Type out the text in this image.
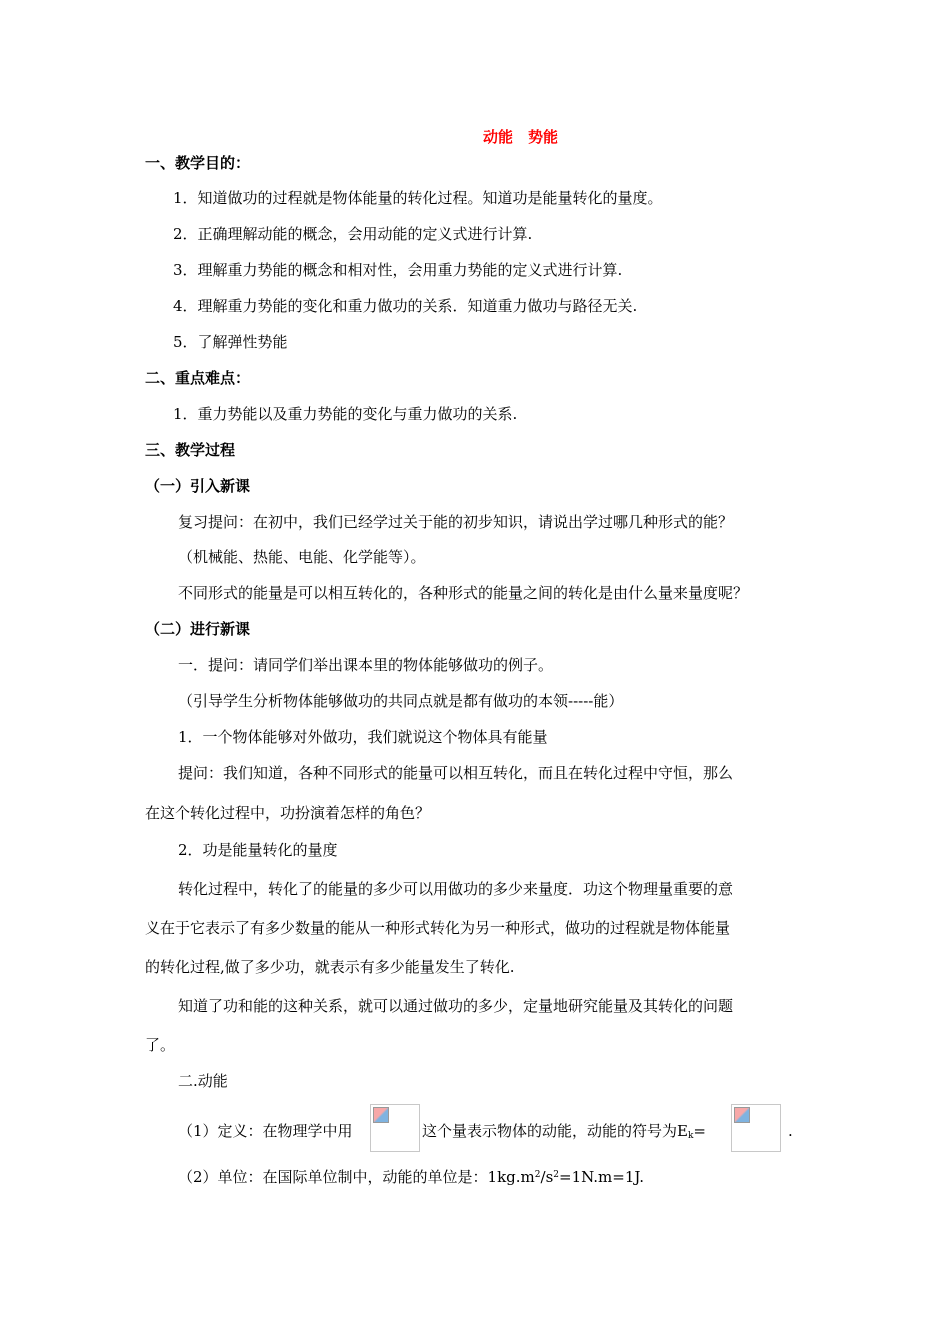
动能　势能
一、教学目的：
1．知道做功的过程就是物体能量的转化过程。知道功是能量转化的量度。
2．正确理解动能的概念，会用动能的定义式进行计算.
3．理解重力势能的概念和相对性，会用重力势能的定义式进行计算.
4．理解重力势能的变化和重力做功的关系．知道重力做功与路径无关.
5．了解弹性势能
二、重点难点：
1．重力势能以及重力势能的变化与重力做功的关系.
三、教学过程
（一）引入新课
复习提问：在初中，我们已经学过关于能的初步知识，请说出学过哪几种形式的能？
（机械能、热能、电能、化学能等）。
不同形式的能量是可以相互转化的，各种形式的能量之间的转化是由什么量来量度呢？
（二）进行新课
一．提问：请同学们举出课本里的物体能够做功的例子。
（引导学生分析物体能够做功的共同点就是都有做功的本领-----能）
1．一个物体能够对外做功，我们就说这个物体具有能量
提问：我们知道，各种不同形式的能量可以相互转化，而且在转化过程中守恒，那么
在这个转化过程中，功扮演着怎样的角色？
2．功是能量转化的量度
转化过程中，转化了的能量的多少可以用做功的多少来量度．功这个物理量重要的意
义在于它表示了有多少数量的能从一种形式转化为另一种形式，做功的过程就是物体能量
的转化过程,做了多少功，就表示有多少能量发生了转化.
知道了功和能的这种关系，就可以通过做功的多少，定量地研究能量及其转化的问题
了。
二.动能
（1）定义：在物理学中用	这个量表示物体的动能，动能的符号为$E_k=$	.
（2）单位：在国际单位制中，动能的单位是：$1kg.m^2/s^2=1N.m=1J$.
